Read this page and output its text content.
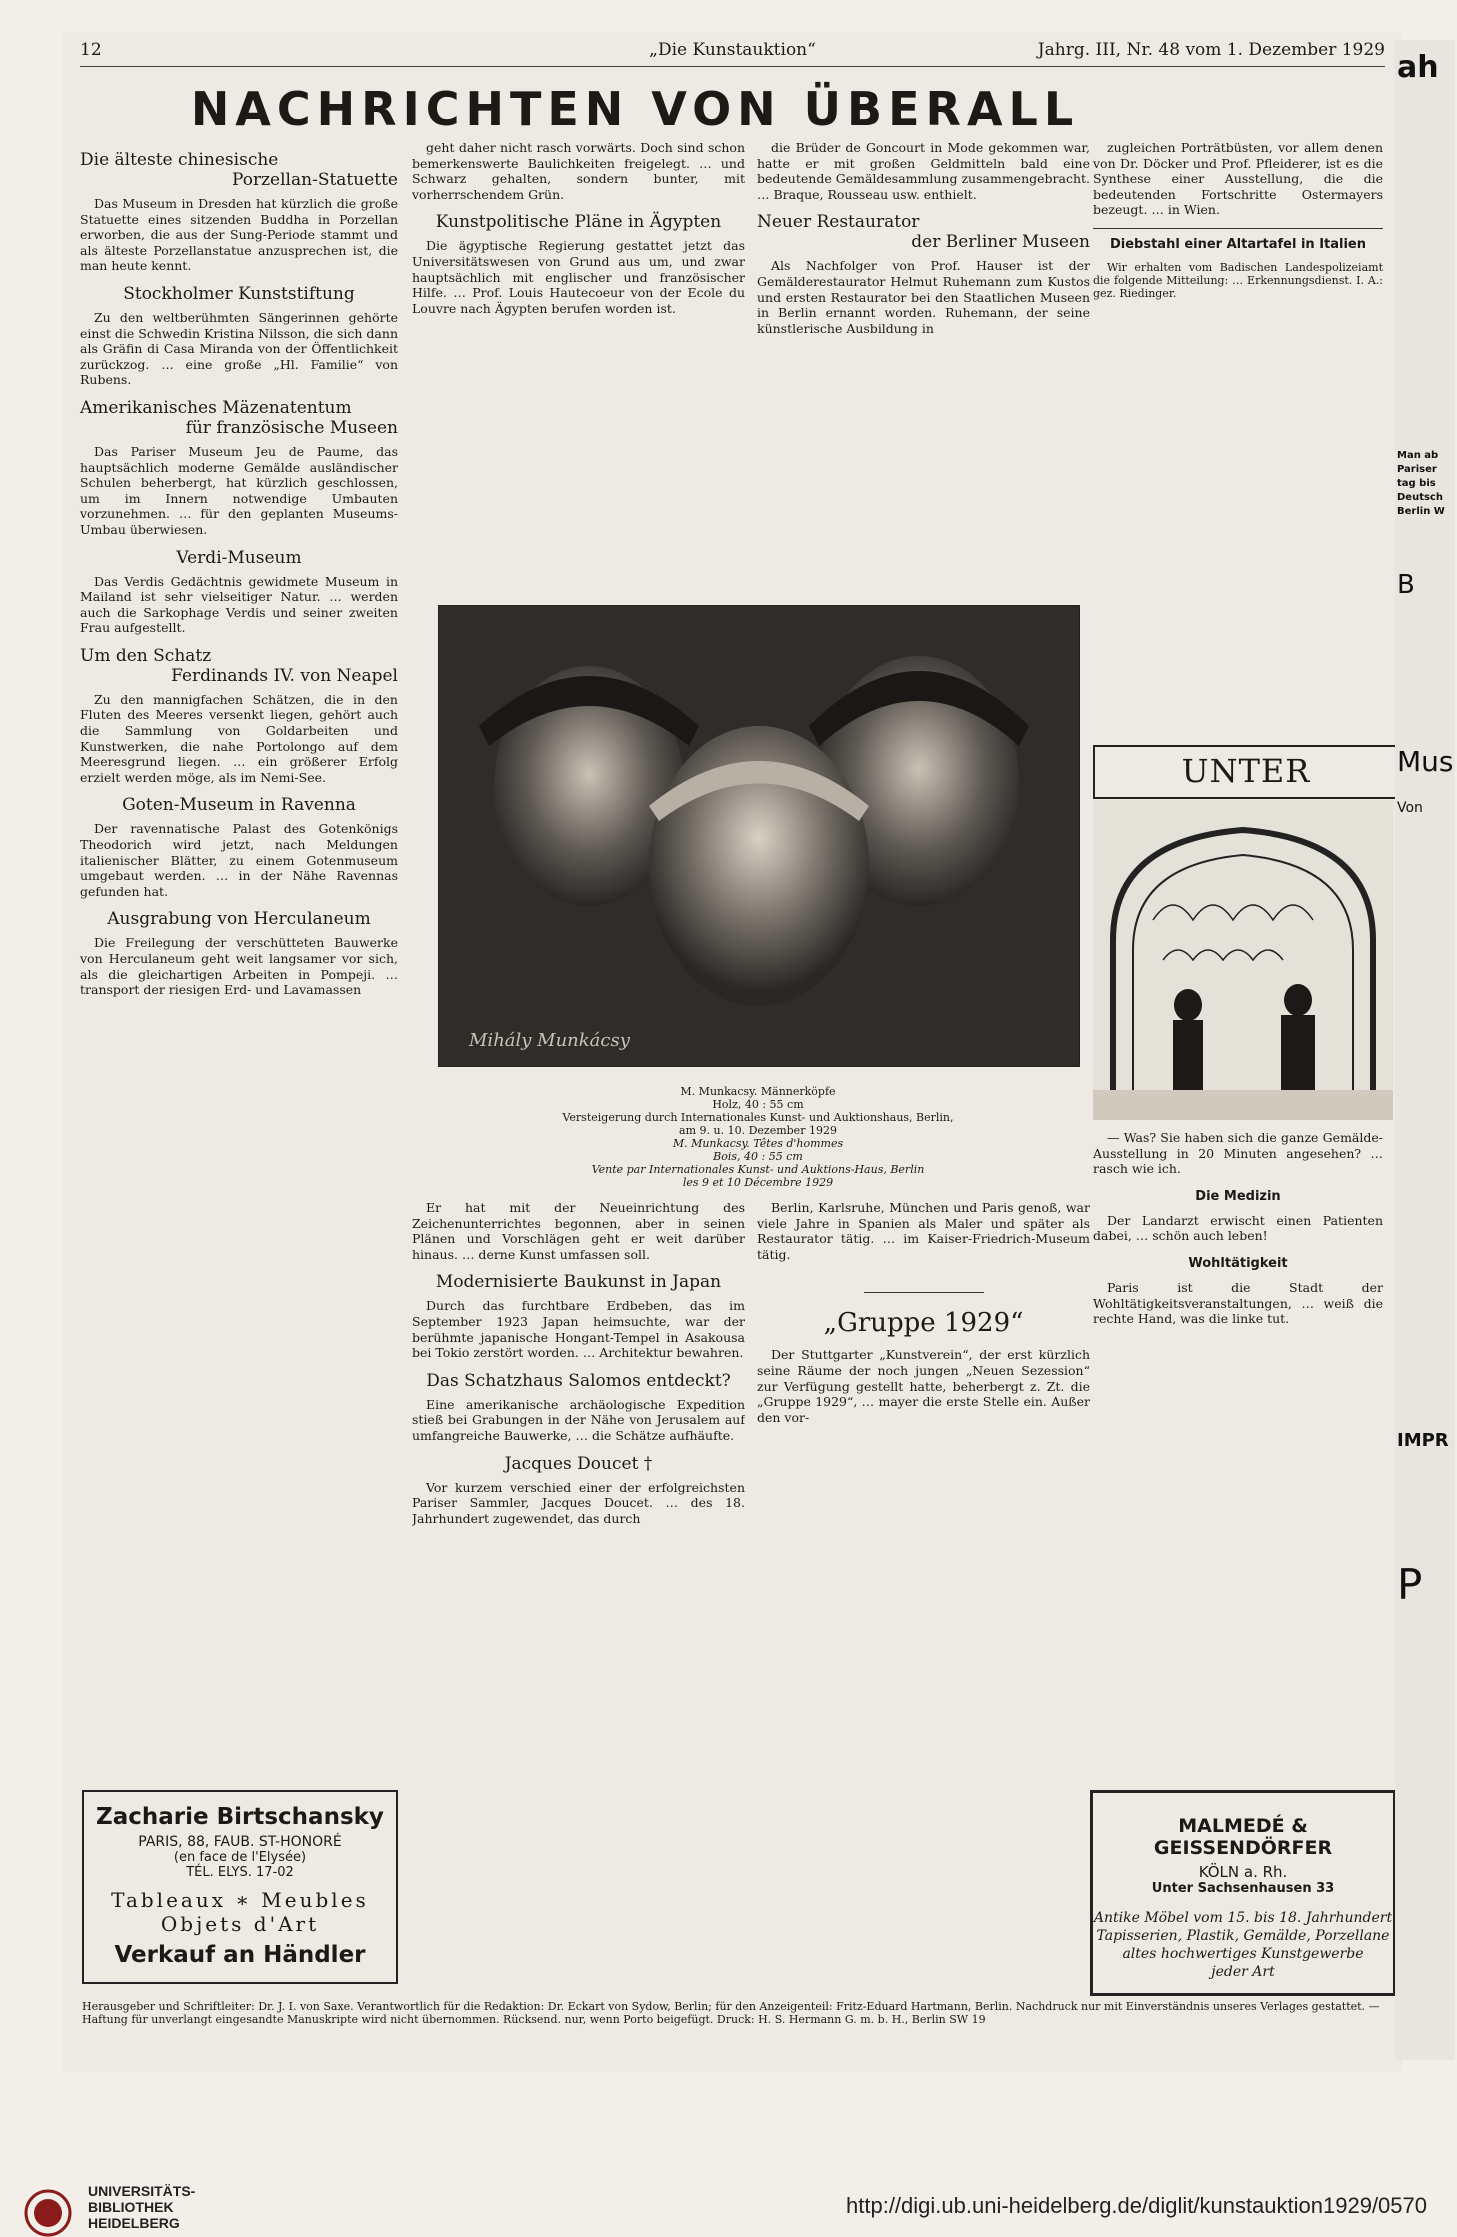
12	„Die Kunstauktion“	Jahrg. III, Nr. 48 vom 1. Dezember 1929
NACHRICHTEN VON ÜBERALL
Die älteste chinesische
Porzellan-Statuette

Das Museum in Dresden hat kürzlich die große Statuette eines sitzenden Buddha in Porzellan erworben, die aus der Sung-Periode stammt und als älteste Porzellanstatue anzusprechen ist, die man heute kennt.

Stockholmer Kunststiftung

Zu den weltberühmten Sängerinnen gehörte einst die Schwedin Kristina Nilsson, die sich dann als Gräfin di Casa Miranda von der Öffentlichkeit zurückzog. … eine große „Hl. Familie“ von Rubens.

Amerikanisches Mäzenatentum
für französische Museen

Das Pariser Museum Jeu de Paume, das hauptsächlich moderne Gemälde ausländischer Schulen beherbergt, hat kürzlich geschlossen, um im Innern notwendige Umbauten vorzunehmen. … für den geplanten Museums-Umbau überwiesen.

Verdi-Museum

Das Verdis Gedächtnis gewidmete Museum in Mailand ist sehr vielseitiger Natur. … werden auch die Sarkophage Verdis und seiner zweiten Frau aufgestellt.

Um den Schatz
Ferdinands IV. von Neapel

Zu den mannigfachen Schätzen, die in den Fluten des Meeres versenkt liegen, gehört auch die Sammlung von Goldarbeiten und Kunstwerken, die nahe Portolongo auf dem Meeresgrund liegen. … ein größerer Erfolg erzielt werden möge, als im Nemi-See.

Goten-Museum in Ravenna

Der ravennatische Palast des Gotenkönigs Theodorich wird jetzt, nach Meldungen italienischer Blätter, zu einem Gotenmuseum umgebaut werden. … in der Nähe Ravennas gefunden hat.

Ausgrabung von Herculaneum

Die Freilegung der verschütteten Bauwerke von Herculaneum geht weit langsamer vor sich, als die gleichartigen Arbeiten in Pompeji. … transport der riesigen Erd- und Lavamassen

geht daher nicht rasch vorwärts. Doch sind schon bemerkenswerte Baulichkeiten freigelegt. … und Schwarz gehalten, sondern bunter, mit vorherrschendem Grün.

Kunstpolitische Pläne in Ägypten

Die ägyptische Regierung gestattet jetzt das Universitätswesen von Grund aus um, und zwar hauptsächlich mit englischer und französischer Hilfe. … Prof. Louis Hautecoeur von der Ecole du Louvre nach Ägypten berufen worden ist.

die Brüder de Goncourt in Mode gekommen war, hatte er mit großen Geldmitteln bald eine bedeutende Gemäldesammlung zusammengebracht. … Braque, Rousseau usw. enthielt.

Neuer Restaurator
der Berliner Museen

Als Nachfolger von Prof. Hauser ist der Gemälderestaurator Helmut Ruhemann zum Kustos und ersten Restaurator bei den Staatlichen Museen in Berlin ernannt worden. Ruhemann, der seine künstlerische Ausbildung in

zugleichen Porträtbüsten, vor allem denen von Dr. Döcker und Prof. Pfleiderer, ist es die Synthese einer Ausstellung, die die bedeutenden Fortschritte Ostermayers bezeugt. … in Wien.

Diebstahl einer Altartafel in Italien

Wir erhalten vom Badischen Landespolizeiamt die folgende Mitteilung: … Erkennungsdienst. I. A.: gez. Riedinger.

UNTER

— Was? Sie haben sich die ganze Gemälde-Ausstellung in 20 Minuten angesehen? … rasch wie ich.

Die Medizin

Der Landarzt erwischt einen Patienten dabei, … schön auch leben!

Wohltätigkeit

Paris ist die Stadt der Wohltätigkeitsveranstaltungen, … weiß die rechte Hand, was die linke tut.

Mihály Munkácsy
M. Munkacsy. Männerköpfe
Holz, 40 : 55 cm
Versteigerung durch Internationales Kunst- und Auktionshaus, Berlin,
am 9. u. 10. Dezember 1929
M. Munkacsy. Têtes d'hommes
Bois, 40 : 55 cm
Vente par Internationales Kunst- und Auktions-Haus, Berlin
les 9 et 10 Décembre 1929

Er hat mit der Neueinrichtung des Zeichenunterrichtes begonnen, aber in seinen Plänen und Vorschlägen geht er weit darüber hinaus. … derne Kunst umfassen soll.

Modernisierte Baukunst in Japan

Durch das furchtbare Erdbeben, das im September 1923 Japan heimsuchte, war der berühmte japanische Hongant-Tempel in Asakousa bei Tokio zerstört worden. … Architektur bewahren.

Das Schatzhaus Salomos entdeckt?

Eine amerikanische archäologische Expedition stieß bei Grabungen in der Nähe von Jerusalem auf umfangreiche Bauwerke, … die Schätze aufhäufte.

Jacques Doucet †

Vor kurzem verschied einer der erfolgreichsten Pariser Sammler, Jacques Doucet. … des 18. Jahrhundert zugewendet, das durch

Berlin, Karlsruhe, München und Paris genoß, war viele Jahre in Spanien als Maler und später als Restaurator tätig. … im Kaiser-Friedrich-Museum tätig.

„Gruppe 1929“

Der Stuttgarter „Kunstverein“, der erst kürzlich seine Räume der noch jungen „Neuen Sezession“ zur Verfügung gestellt hatte, beherbergt z. Zt. die „Gruppe 1929“, … mayer die erste Stelle ein. Außer den vor-

Zacharie Birtschansky
PARIS, 88, FAUB. ST-HONORÉ
(en face de l'Elysée)
TÉL. ELYS. 17-02
Tableaux ∗ Meubles
Objets d'Art
Verkauf an Händler
MALMEDÉ & GEISSENDÖRFER
KÖLN a. Rh.
Unter Sachsenhausen 33
Antike Möbel vom 15. bis 18. Jahrhundert
Tapisserien, Plastik, Gemälde, Porzellane
altes hochwertiges Kunstgewerbe
jeder Art
Herausgeber und Schriftleiter: Dr. J. I. von Saxe. Verantwortlich für die Redaktion: Dr. Eckart von Sydow, Berlin; für den Anzeigenteil: Fritz-Eduard Hartmann, Berlin. Nachdruck nur mit Einverständnis unseres Verlages gestattet. — Haftung für unverlangt eingesandte Manuskripte wird nicht übernommen. Rücksend. nur, wenn Porto beigefügt. Druck: H. S. Hermann G. m. b. H., Berlin SW 19
ah
Man ab
Pariser
tag bis
Deutsch
Berlin W
B
Mus
Von
IMPR
P
UNIVERSITÄTS-
BIBLIOTHEK
HEIDELBERG
http://digi.ub.uni-heidelberg.de/diglit/kunstauktion1929/0570
